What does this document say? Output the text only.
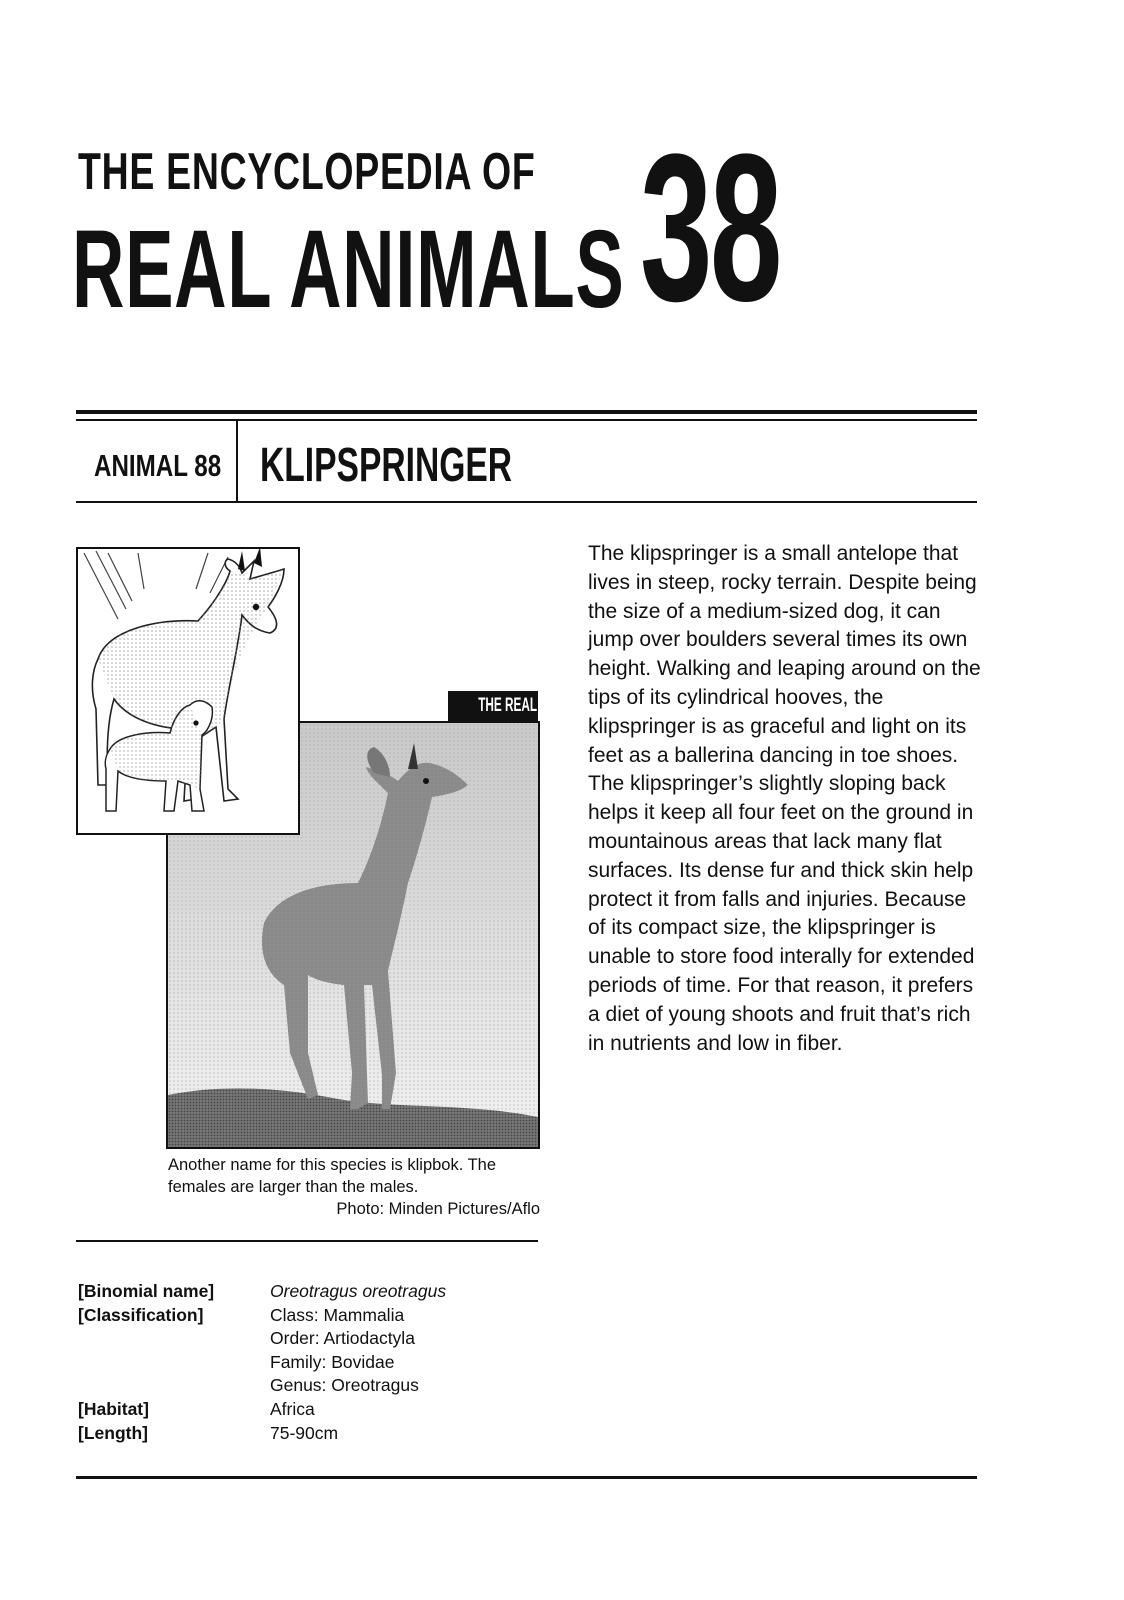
THE ENCYCLOPEDIA OF
REAL ANIMALS 38
ANIMAL 88 KLIPSPRINGER
THE REAL THING
Another name for this species is klipbok. The females are larger than the males.
Photo: Minden Pictures/Aflo

The klipspringer is a small antelope that lives in steep, rocky terrain. Despite being the size of a medium-sized dog, it can jump over boulders several times its own height. Walking and leaping around on the tips of its cylindrical hooves, the klipspringer is as graceful and light on its feet as a ballerina dancing in toe shoes.

The klipspringer’s slightly sloping back helps it keep all four feet on the ground in mountainous areas that lack many flat surfaces. Its dense fur and thick skin help protect it from falls and injuries. Because of its compact size, the klipspringer is unable to store food interally for extended periods of time. For that reason, it prefers a diet of young shoots and fruit that’s rich in nutrients and low in fiber.

[Binomial name]	Oreotragus oreotragus
[Classification]	Class: Mammalia
Order: Artiodactyla
Family: Bovidae
Genus: Oreotragus
[Habitat]	Africa
[Length]	75-90cm
